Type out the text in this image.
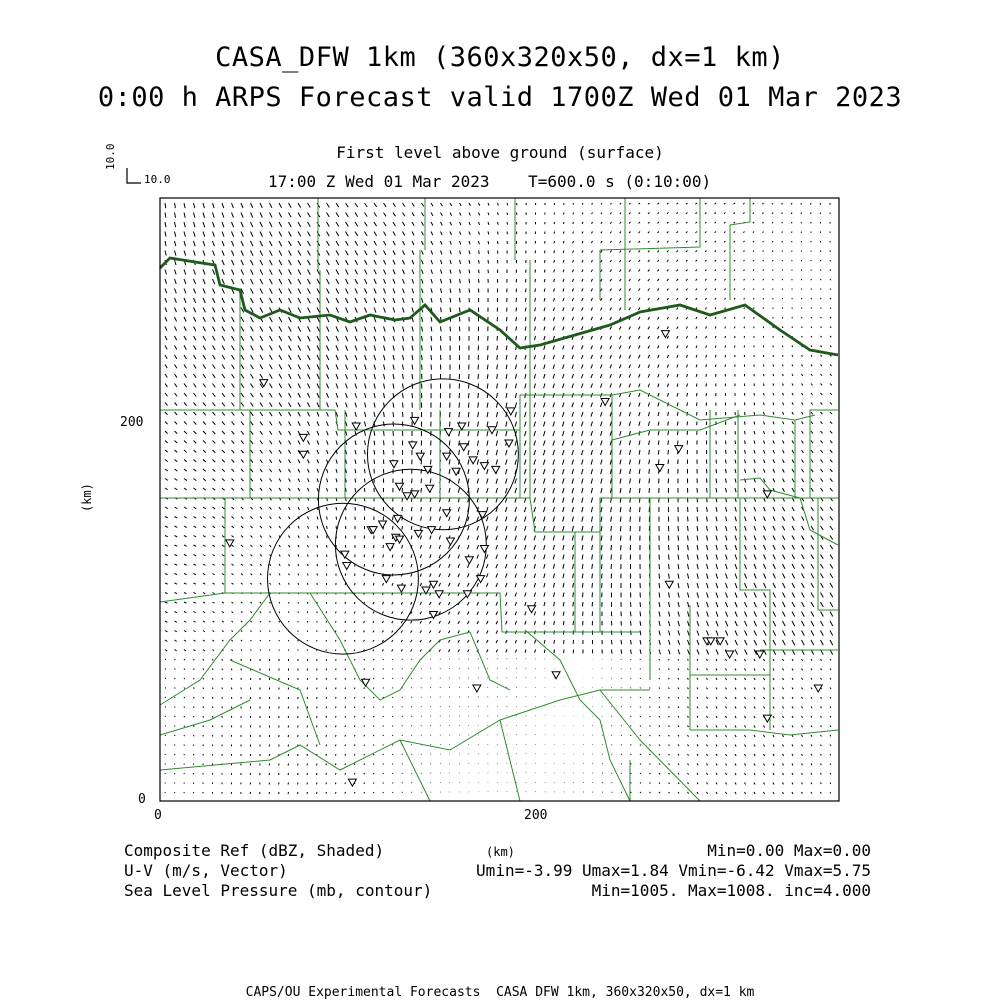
CASA_DFW 1km (360x320x50, dx=1 km)
0:00 h ARPS Forecast valid 1700Z Wed 01 Mar 2023
First level above ground (surface)
17:00 Z Wed 01 Mar 2023    T=600.0 s (0:10:00)
10.0
10.0
200
0
0	200
(km)
(km)
Composite Ref (dBZ, Shaded)	Min=0.00 Max=0.00
U-V (m/s, Vector)	Umin=-3.99 Umax=1.84 Vmin=-6.42 Vmax=5.75
Sea Level Pressure (mb, contour)	Min=1005. Max=1008. inc=4.000
CAPS/OU Experimental Forecasts  CASA DFW 1km, 360x320x50, dx=1 km
